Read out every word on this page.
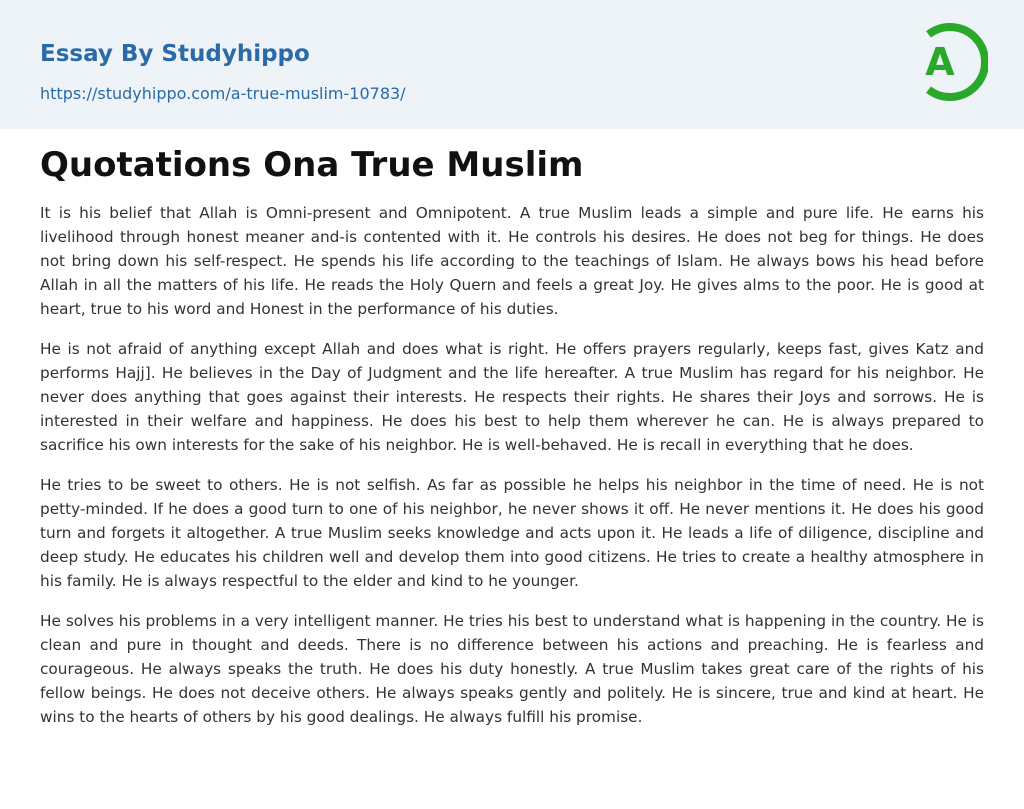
Essay By Studyhippo
https://studyhippo.com/a-true-muslim-10783/
A
Quotations Ona True Muslim

It is his belief that Allah is Omni-present and Omnipotent. A true Muslim leads a simple and pure life. He earns his livelihood through honest meaner and-is contented with it. He controls his desires. He does not beg for things. He does not bring down his self-respect. He spends his life according to the teachings of Islam. He always bows his head before Allah in all the matters of his life. He reads the Holy Quern and feels a great Joy. He gives alms to the poor. He is good at heart, true to his word and Honest in the performance of his duties.

He is not afraid of anything except Allah and does what is right. He offers prayers regularly, keeps fast, gives Katz and performs Hajj]. He believes in the Day of Judgment and the life hereafter. A true Muslim has regard for his neighbor. He never does anything that goes against their interests. He respects their rights. He shares their Joys and sorrows. He is interested in their welfare and happiness. He does his best to help them wherever he can. He is always prepared to sacrifice his own interests for the sake of his neighbor. He is well-behaved. He is recall in everything that he does.

He tries to be sweet to others. He is not selfish. As far as possible he helps his neighbor in the time of need. He is not petty-minded. If he does a good turn to one of his neighbor, he never shows it off. He never mentions it. He does his good turn and forgets it altogether. A true Muslim seeks knowledge and acts upon it. He leads a life of diligence, discipline and deep study. He educates his children well and develop them into good citizens. He tries to create a healthy atmosphere in his family. He is always respectful to the elder and kind to he younger.

He solves his problems in a very intelligent manner. He tries his best to understand what is happening in the country. He is clean and pure in thought and deeds. There is no difference between his actions and preaching. He is fearless and courageous. He always speaks the truth. He does his duty honestly. A true Muslim takes great care of the rights of his fellow beings. He does not deceive others. He always speaks gently and politely. He is sincere, true and kind at heart. He wins to the hearts of others by his good dealings. He always fulfill his promise.
